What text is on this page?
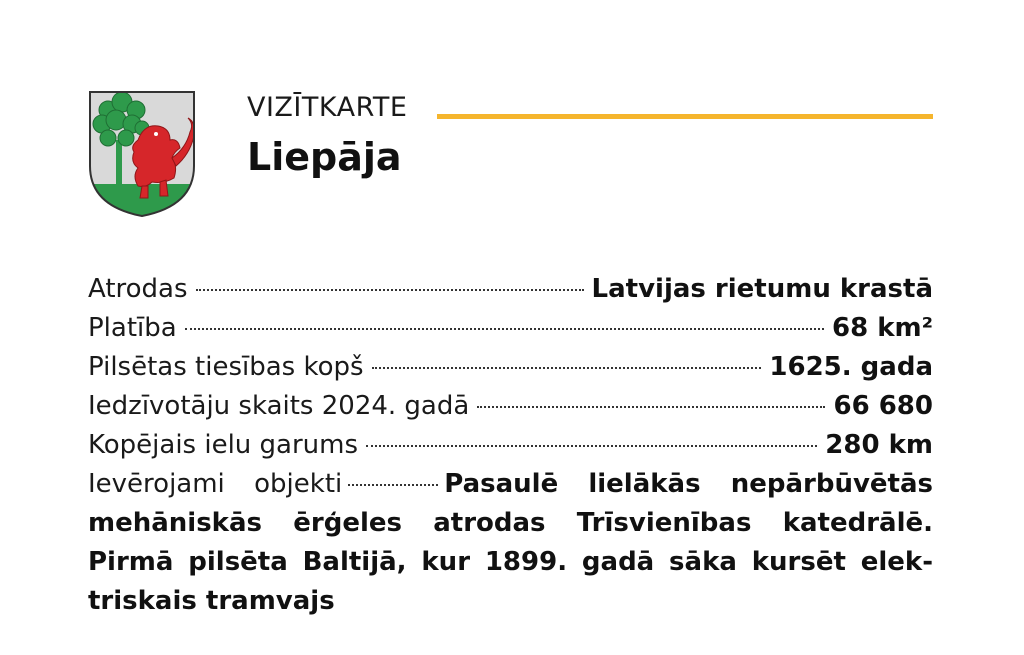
VIZĪTKARTE
Liepāja
Atrodas	Latvijas rietumu krastā
Platība	68 km²
Pilsētas tiesības kopš	1625. gada
Iedzīvotāju skaits 2024. gadā	66 680
Kopējais ielu garums	280 km
Ievērojami objekti	Pasaulē lielākās nepārbūvētās mehāniskās ērģeles atrodas Trīsvienības katedrālē. Pirmā pilsēta Baltijā, kur 1899. gadā sāka kursēt elek-triskais tramvajs
